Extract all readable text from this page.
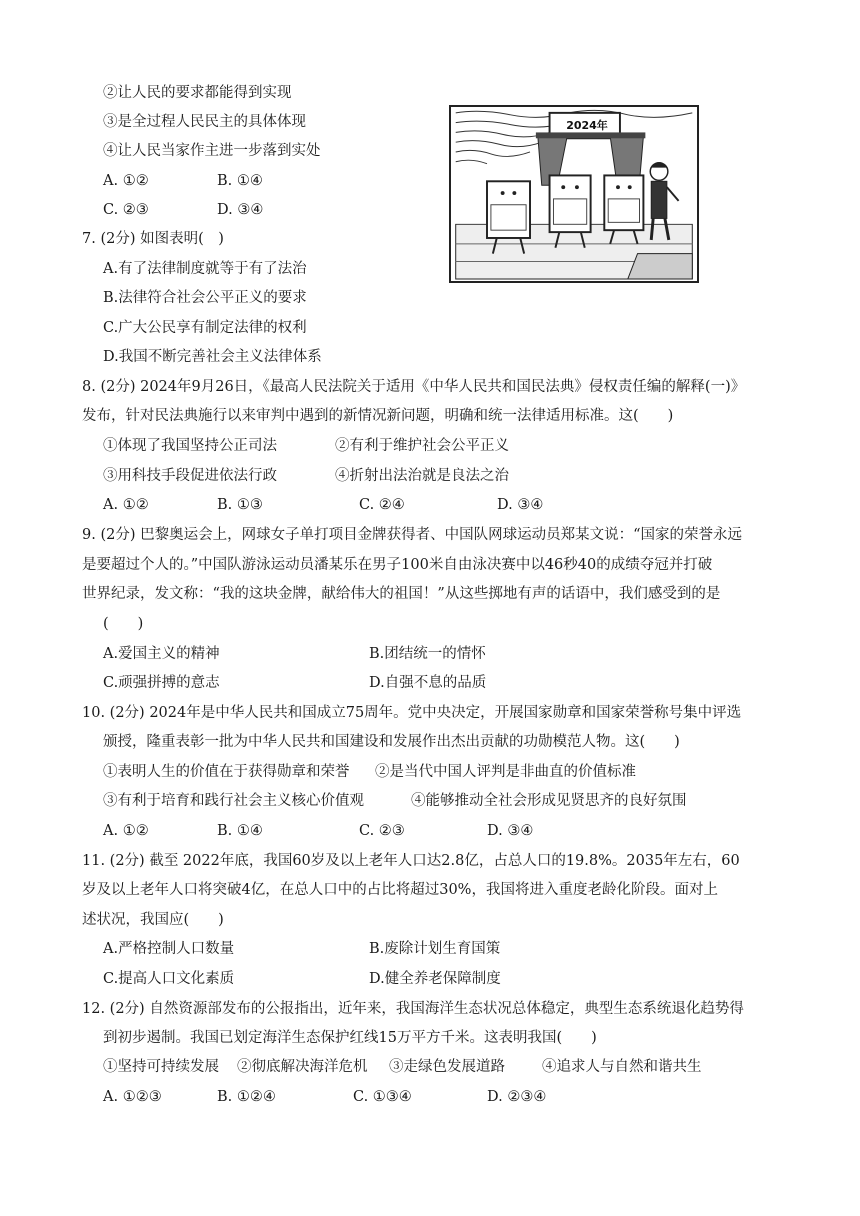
②让人民的要求都能得到实现
③是全过程人民民主的具体体现
④让人民当家作主进一步落到实处
A. ①②	B. ①④
C. ②③	D. ③④
7. (2分) 如图表明(　)
A.有了法律制度就等于有了法治
B.法律符合社会公平正义的要求
C.广大公民享有制定法律的权利
D.我国不断完善社会主义法律体系
2024年
8. (2分) 2024年9月26日，《最高人民法院关于适用《中华人民共和国民法典》侵权责任编的解释(一)》
发布，针对民法典施行以来审判中遇到的新情况新问题，明确和统一法律适用标准。这(　　)
①体现了我国坚持公正司法	②有利于维护社会公平正义
③用科技手段促进依法行政	④折射出法治就是良法之治
A. ①②	B. ①③	C. ②④	D. ③④
9. (2分) 巴黎奥运会上，网球女子单打项目金牌获得者、中国队网球运动员郑某文说：“国家的荣誉永远
是要超过个人的。”中国队游泳运动员潘某乐在男子100米自由泳决赛中以46秒40的成绩夺冠并打破
世界纪录，发文称：“我的这块金牌，献给伟大的祖国！”从这些掷地有声的话语中，我们感受到的是
(　　)
A.爱国主义的精神	B.团结统一的情怀
C.顽强拼搏的意志	D.自强不息的品质
10. (2分) 2024年是中华人民共和国成立75周年。党中央决定，开展国家勋章和国家荣誉称号集中评选
颁授，隆重表彰一批为中华人民共和国建设和发展作出杰出贡献的功勋模范人物。这(　　)
①表明人生的价值在于获得勋章和荣誉 ②是当代中国人评判是非曲直的价值标准
③有利于培育和践行社会主义核心价值观	④能够推动全社会形成见贤思齐的良好氛围
A. ①②	B. ①④	C. ②③	D. ③④
11. (2分) 截至 2022年底，我国60岁及以上老年人口达2.8亿，占总人口的19.8%。2035年左右，60
岁及以上老年人口将突破4亿，在总人口中的占比将超过30%，我国将进入重度老龄化阶段。面对上
述状况，我国应(　　)
A.严格控制人口数量	B.废除计划生育国策
C.提高人口文化素质	D.健全养老保障制度
12. (2分) 自然资源部发布的公报指出，近年来，我国海洋生态状况总体稳定，典型生态系统退化趋势得
到初步遏制。我国已划定海洋生态保护红线15万平方千米。这表明我国(　　)
①坚持可持续发展 ②彻底解决海洋危机 ③走绿色发展道路	④追求人与自然和谐共生
A. ①②③	B. ①②④	C. ①③④	D. ②③④
